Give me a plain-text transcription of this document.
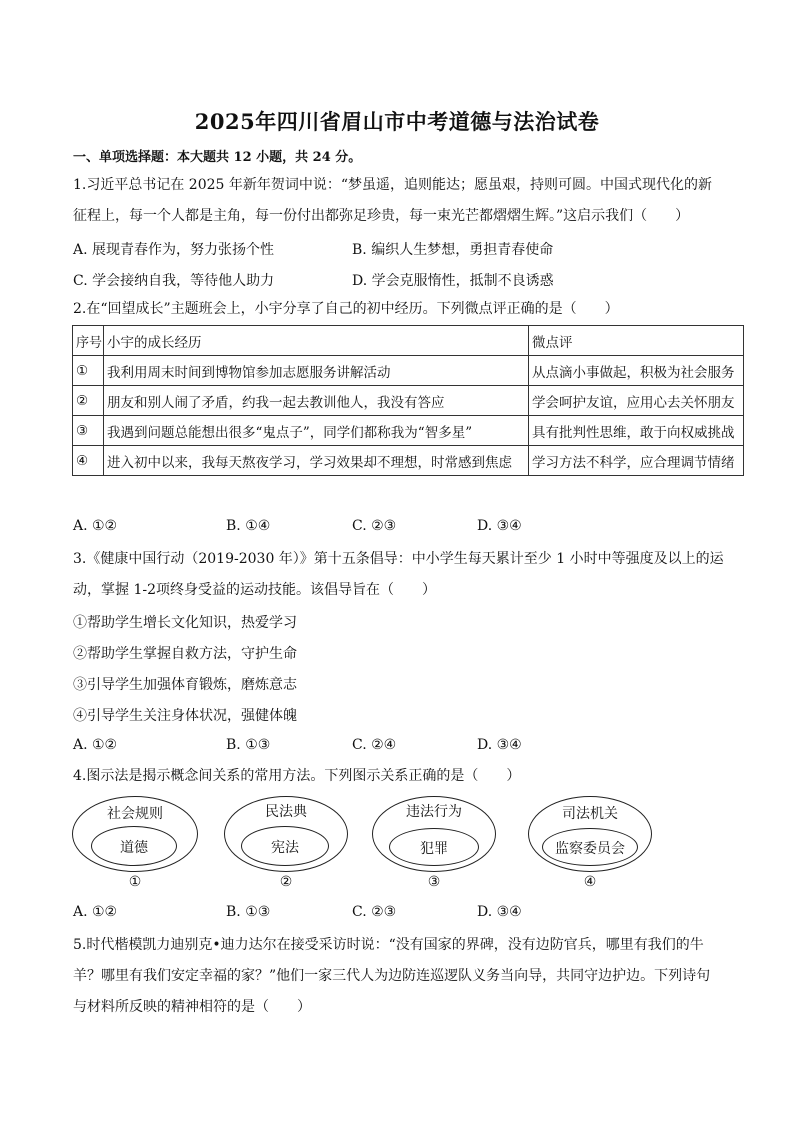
2025年四川省眉山市中考道德与法治试卷
一、单项选择题：本大题共 12 小题，共 24 分。
1.习近平总书记在 2025 年新年贺词中说：“梦虽遥，追则能达；愿虽艰，持则可圆。中国式现代化的新
征程上，每一个人都是主角，每一份付出都弥足珍贵，每一束光芒都熠熠生辉。”这启示我们（　　）
A. 展现青春作为，努力张扬个性	B. 编织人生梦想，勇担青春使命
C. 学会接纳自我，等待他人助力	D. 学会克服惰性，抵制不良诱惑
2.在“回望成长”主题班会上，小宇分享了自己的初中经历。下列微点评正确的是（　　）
序号	小宇的成长经历	微点评
①	我利用周末时间到博物馆参加志愿服务讲解活动	从点滴小事做起，积极为社会服务
②	朋友和别人闹了矛盾，约我一起去教训他人，我没有答应	学会呵护友谊，应用心去关怀朋友
③	我遇到问题总能想出很多“鬼点子”，同学们都称我为“智多星”	具有批判性思维，敢于向权威挑战
④	进入初中以来，我每天熬夜学习，学习效果却不理想，时常感到焦虑	学习方法不科学，应合理调节情绪
A. ①②	B. ①④	C. ②③	D. ③④
3.《健康中国行动（2019-2030 年）》第十五条倡导：中小学生每天累计至少 1 小时中等强度及以上的运
动，掌握 1-2项终身受益的运动技能。该倡导旨在（　　）
①帮助学生增长文化知识，热爱学习
②帮助学生掌握自救方法，守护生命
③引导学生加强体育锻炼，磨炼意志
④引导学生关注身体状况，强健体魄
A. ①②	B. ①③	C. ②④	D. ③④
4.图示法是揭示概念间关系的常用方法。下列图示关系正确的是（　　）
社会规则
道德
①
民法典
宪法
②
违法行为
犯罪
③
司法机关
监察委员会
④
A. ①②	B. ①③	C. ②③	D. ③④
5.时代楷模凯力迪别克•迪力达尔在接受采访时说：“没有国家的界碑，没有边防官兵，哪里有我们的牛
羊？哪里有我们安定幸福的家？”他们一家三代人为边防连巡逻队义务当向导，共同守边护边。下列诗句
与材料所反映的精神相符的是（　　）
